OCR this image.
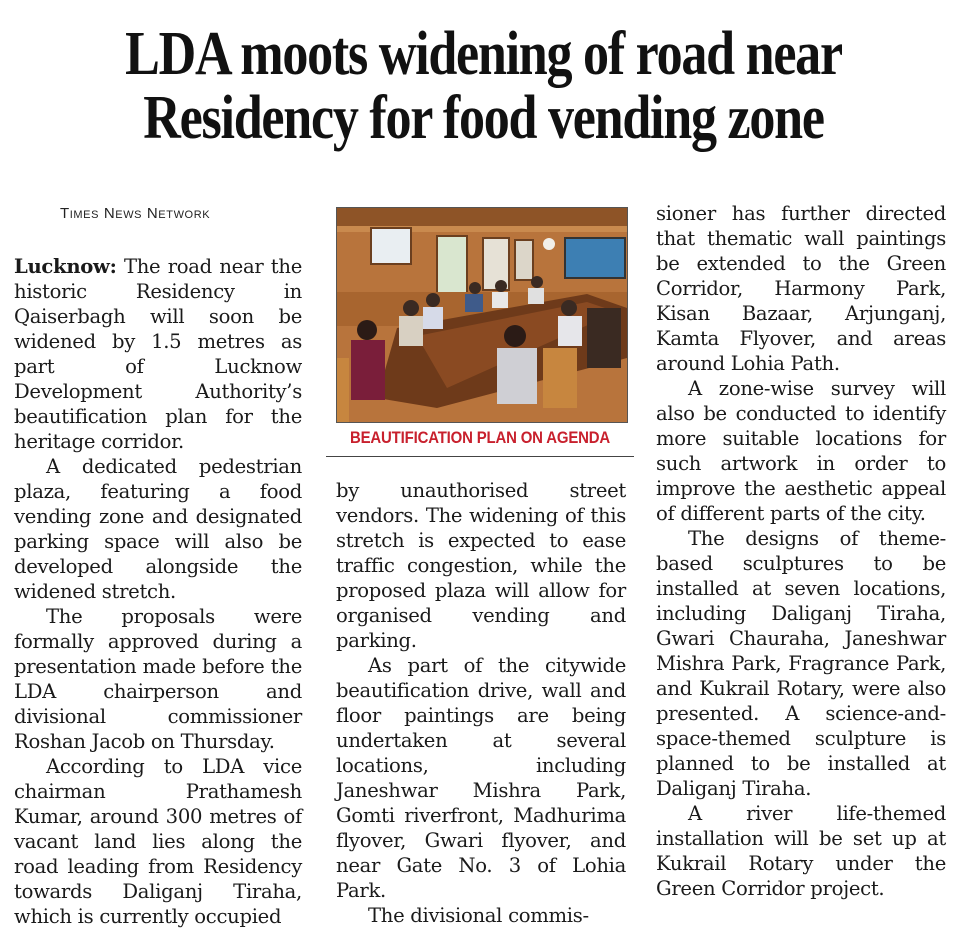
LDA moots widening of road near
Residency for food vending zone
Times News Network

Lucknow: The road near the historic Residency in Qaiserbagh will soon be widened by 1.5 metres as part of Lucknow Development Authority’s beautification plan for the heritage corridor.

A dedicated pedestrian plaza, featuring a food vending zone and designated parking space will also be developed alongside the widened stretch.

The proposals were formally approved during a presentation made before the LDA chairperson and divisional commissioner Roshan Jacob on Thursday.

According to LDA vice chairman Prathamesh Kumar, around 300 metres of vacant land lies along the road leading from Residency towards Daliganj Tiraha, which is currently occupied

BEAUTIFICATION PLAN ON AGENDA

by unauthorised street vendors. The widening of this stretch is expected to ease traffic congestion, while the proposed plaza will allow for organised vending and parking.

As part of the citywide beautification drive, wall and floor paintings are being undertaken at several locations, including Janeshwar Mishra Park, Gomti riverfront, Madhurima flyover, Gwari flyover, and near Gate No. 3 of Lohia Park.

The divisional commis-

sioner has further directed that thematic wall paintings be extended to the Green Corridor, Harmony Park, Kisan Bazaar, Arjunganj, Kamta Flyover, and areas around Lohia Path.

A zone-wise survey will also be conducted to identify more suitable locations for such artwork in order to improve the aesthetic appeal of different parts of the city.

The designs of theme-based sculptures to be installed at seven locations, including Daliganj Tiraha, Gwari Chauraha, Janeshwar Mishra Park, Fragrance Park, and Kukrail Rotary, were also presented. A science-and-space-themed sculpture is planned to be installed at Daliganj Tiraha.

A river life-themed installation will be set up at Kukrail Rotary under the Green Corridor project.
